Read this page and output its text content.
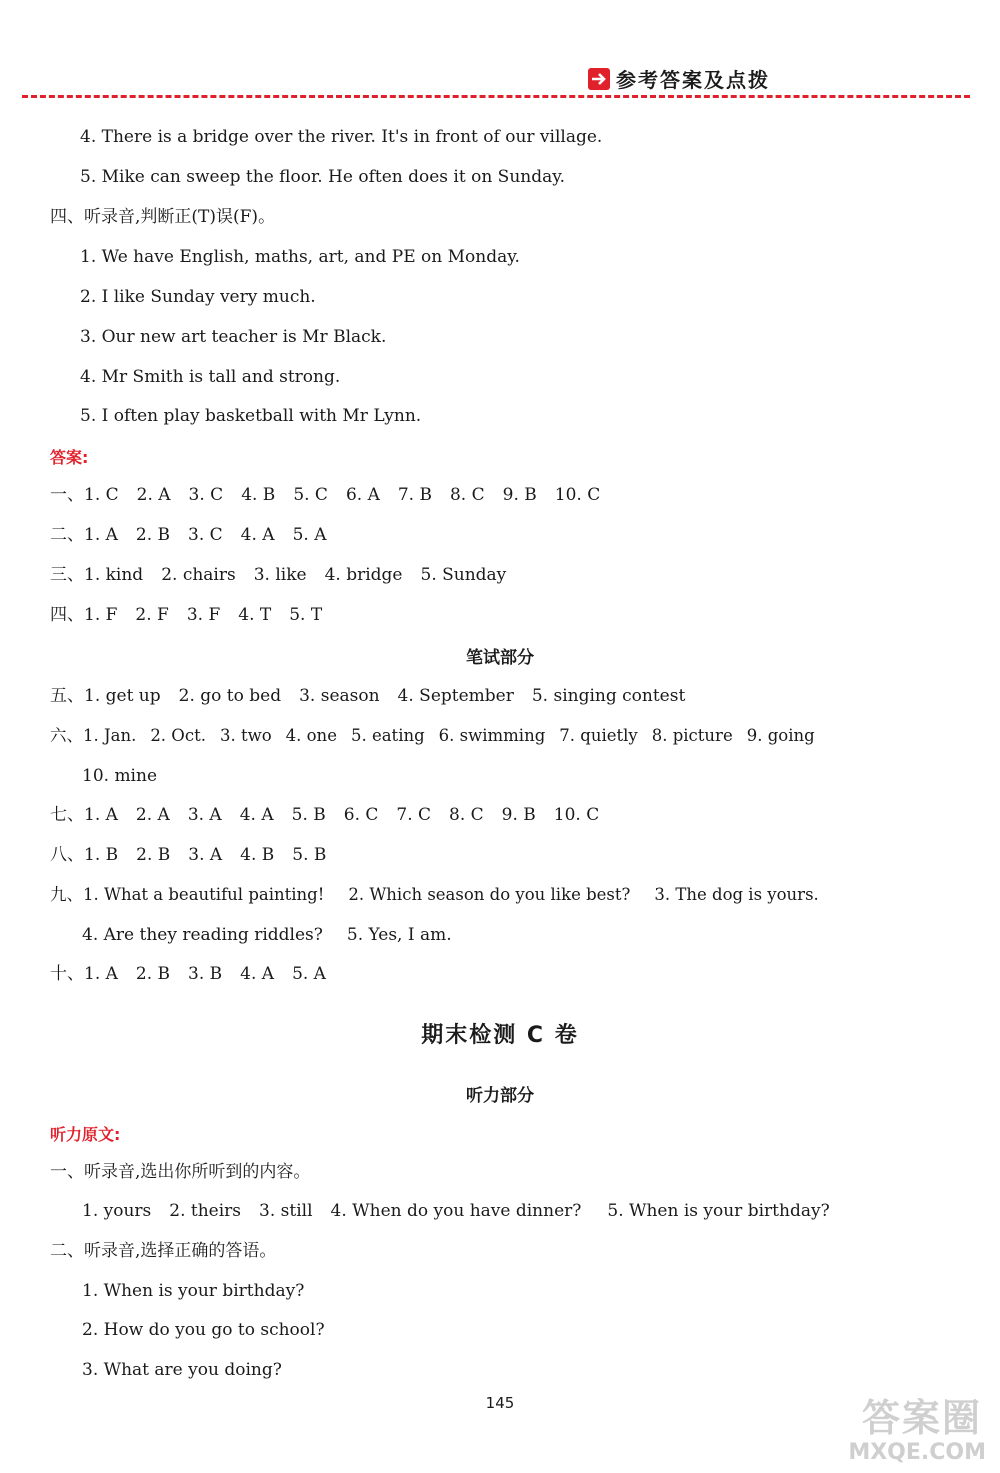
参考答案及点拨
4. There is a bridge over the river. It's in front of our village.
5. Mike can sweep the floor. He often does it on Sunday.
四、听录音,判断正(T)误(F)。
1. We have English, maths, art, and PE on Monday.
2. I like Sunday very much.
3. Our new art teacher is Mr Black.
4. Mr Smith is tall and strong.
5. I often play basketball with Mr Lynn.
答案:
一、1. C 2. A 3. C 4. B 5. C 6. A 7. B 8. C 9. B 10. C
二、1. A 2. B 3. C 4. A 5. A
三、1. kind 2. chairs 3. like 4. bridge 5. Sunday
四、1. F 2. F 3. F 4. T 5. T
笔试部分
五、1. get up 2. go to bed 3. season 4. September 5. singing contest
六、1. Jan. 2. Oct. 3. two 4. one 5. eating 6. swimming 7. quietly 8. picture 9. going
10. mine
七、1. A 2. A 3. A 4. A 5. B 6. C 7. C 8. C 9. B 10. C
八、1. B 2. B 3. A 4. B 5. B
九、1. What a beautiful painting! 2. Which season do you like best? 3. The dog is yours.
4. Are they reading riddles? 5. Yes, I am.
十、1. A 2. B 3. B 4. A 5. A
期末检测 C 卷
听力部分
听力原文:
一、听录音,选出你所听到的内容。
1. yours 2. theirs 3. still 4. When do you have dinner? 5. When is your birthday?
二、听录音,选择正确的答语。
1. When is your birthday?
2. How do you go to school?
3. What are you doing?
145	答案圈
MXQE.COM
